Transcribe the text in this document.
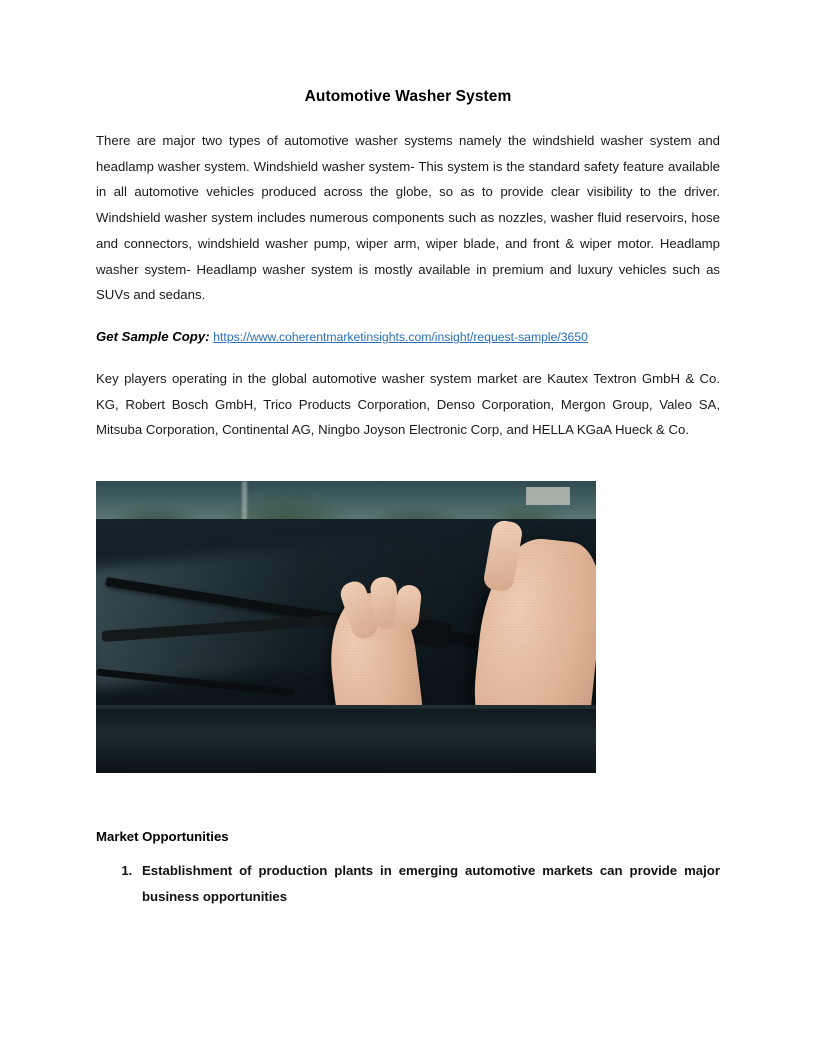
Automotive Washer System

There are major two types of automotive washer systems namely the windshield washer system and headlamp washer system. Windshield washer system- This system is the standard safety feature available in all automotive vehicles produced across the globe, so as to provide clear visibility to the driver. Windshield washer system includes numerous components such as nozzles, washer fluid reservoirs, hose and connectors, windshield washer pump, wiper arm, wiper blade, and front & wiper motor. Headlamp washer system- Headlamp washer system is mostly available in premium and luxury vehicles such as SUVs and sedans.

Get Sample Copy: https://www.coherentmarketinsights.com/insight/request-sample/3650

Key players operating in the global automotive washer system market are Kautex Textron GmbH & Co. KG, Robert Bosch GmbH, Trico Products Corporation, Denso Corporation, Mergon Group, Valeo SA, Mitsuba Corporation, Continental AG, Ningbo Joyson Electronic Corp, and HELLA KGaA Hueck & Co.

Market Opportunities
1. Establishment of production plants in emerging automotive markets can provide major business opportunities
